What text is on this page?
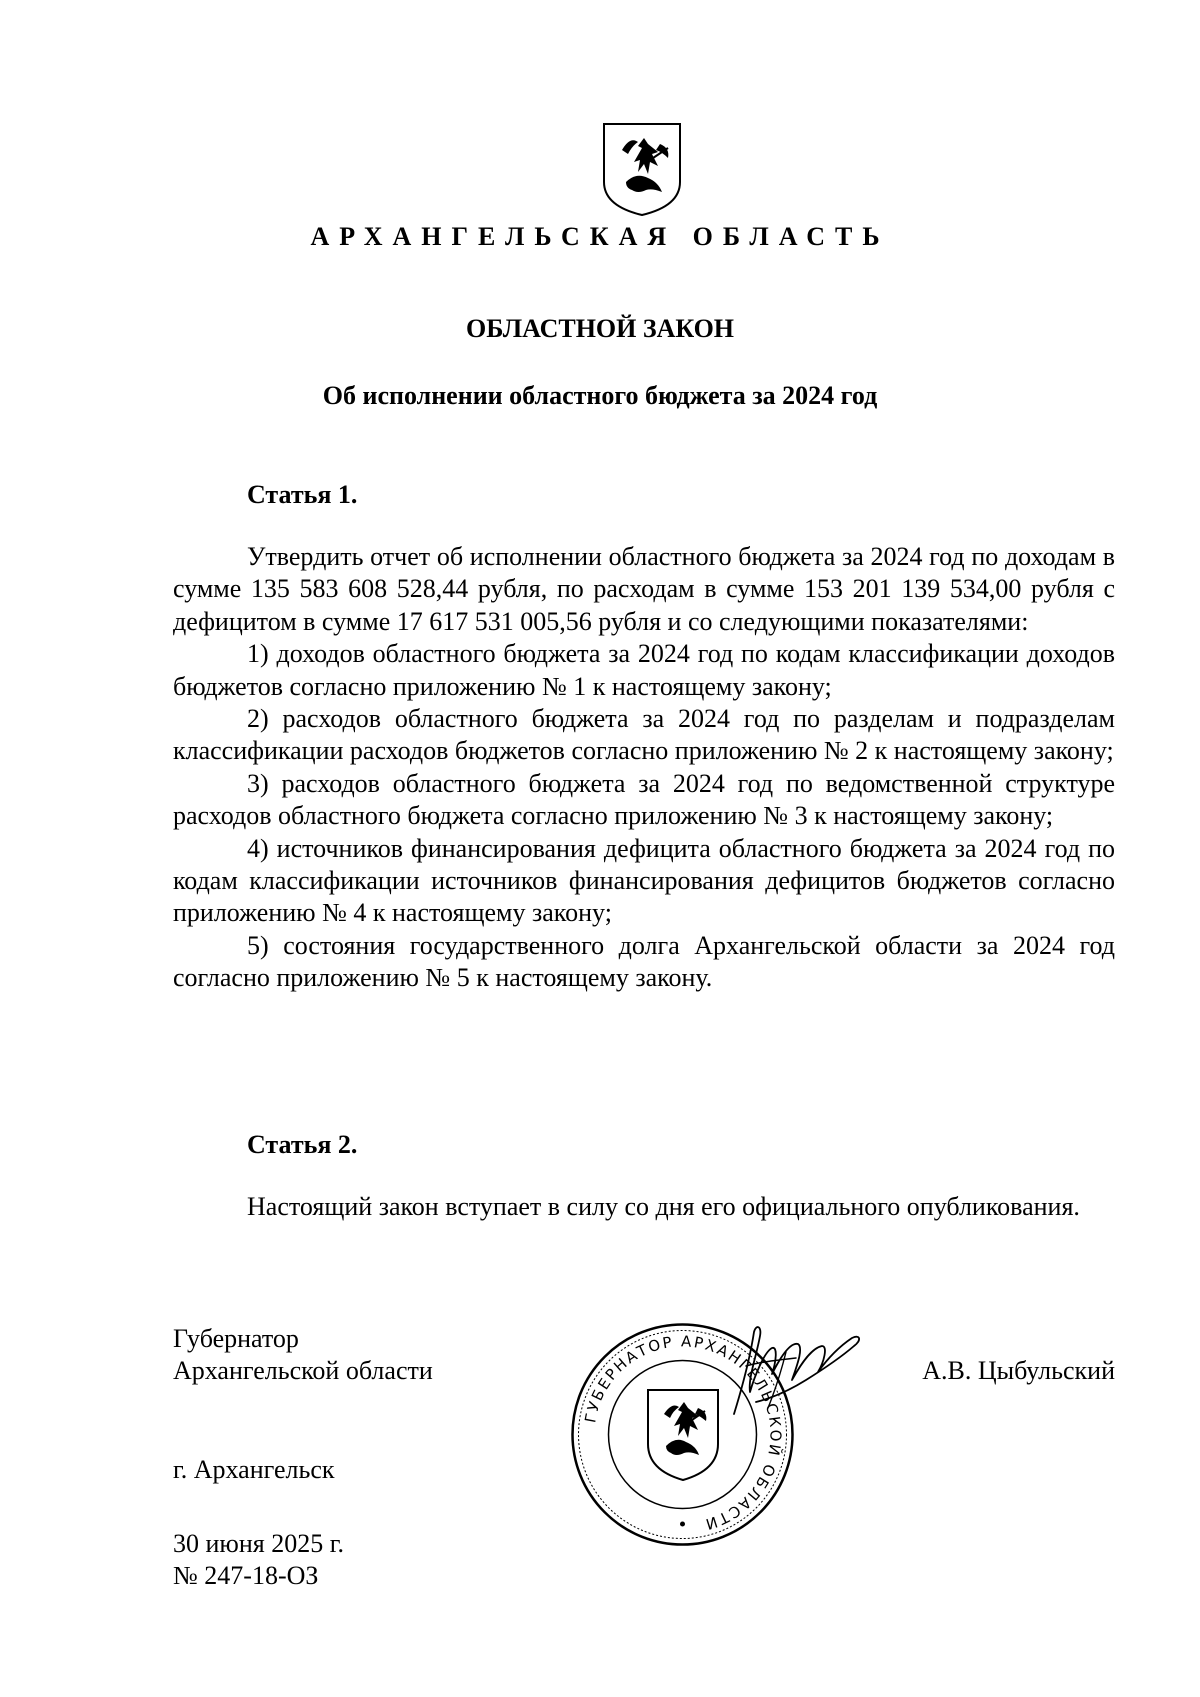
АРХАНГЕЛЬСКАЯ ОБЛАСТЬ
ОБЛАСТНОЙ ЗАКОН
Об исполнении областного бюджета за 2024 год
Статья 1.

Утвердить отчет об исполнении областного бюджета за 2024 год по доходам в сумме 135 583 608 528,44 рубля, по расходам в сумме 153 201 139 534,00 рубля с дефицитом в сумме 17 617 531 005,56 рубля и со следующими показателями:

1) доходов областного бюджета за 2024 год по кодам классификации доходов бюджетов согласно приложению № 1 к настоящему закону;

2) расходов областного бюджета за 2024 год по разделам и подразделам классификации расходов бюджетов согласно приложению № 2 к настоящему закону;

3) расходов областного бюджета за 2024 год по ведомственной структуре расходов областного бюджета согласно приложению № 3 к настоящему закону;

4) источников финансирования дефицита областного бюджета за 2024 год по кодам классификации источников финансирования дефицитов бюджетов согласно приложению № 4 к настоящему закону;

5) состояния государственного долга Архангельской области за 2024 год согласно приложению № 5 к настоящему закону.

Статья 2.

Настоящий закон вступает в силу со дня его официального опубликования.

ГУБЕРНАТОР АРХАНГЕЛЬСКОЙ ОБЛАСТИ
Губернатор
Архангельской области	А.В. Цыбульский
г. Архангельск
30 июня 2025 г.
№ 247-18-ОЗ
